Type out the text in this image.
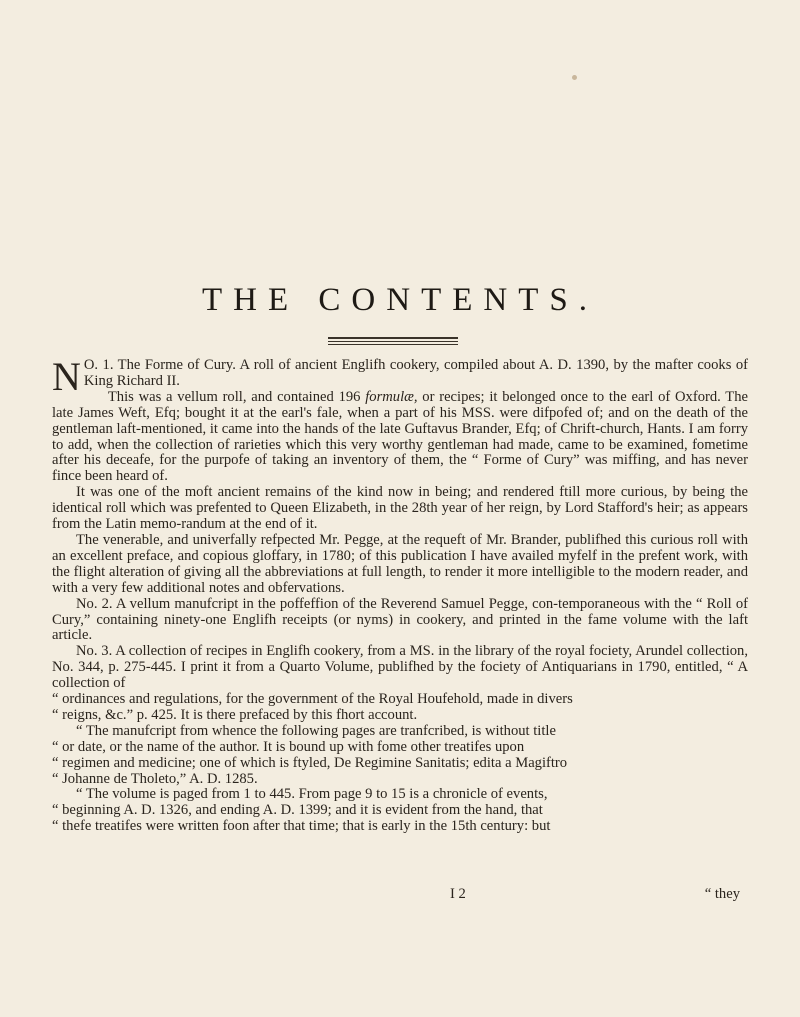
THE CONTENTS.

N O. 1. The Forme of Cury. A roll of ancient Englifh cookery, compiled about A. D. 1390, by the mafter cooks of King Richard II.

This was a vellum roll, and contained 196 formulæ, or recipes; it belonged once to the earl of Oxford. The late James Weft, Efq; bought it at the earl's fale, when a part of his MSS. were difpofed of; and on the death of the gentleman laft-mentioned, it came into the hands of the late Guftavus Brander, Efq; of Chrift-church, Hants. I am forry to add, when the collection of rarieties which this very worthy gentleman had made, came to be examined, fometime after his deceafe, for the purpofe of taking an inventory of them, the “ Forme of Cury” was miffing, and has never fince been heard of.

It was one of the moft ancient remains of the kind now in being; and rendered ftill more curious, by being the identical roll which was prefented to Queen Elizabeth, in the 28th year of her reign, by Lord Stafford's heir; as appears from the Latin memo-randum at the end of it.

The venerable, and univerfally refpected Mr. Pegge, at the requeft of Mr. Brander, publifhed this curious roll with an excellent preface, and copious gloffary, in 1780; of this publication I have availed myfelf in the prefent work, with the flight alteration of giving all the abbreviations at full length, to render it more intelligible to the modern reader, and with a very few additional notes and obfervations.

No. 2. A vellum manufcript in the poffeffion of the Reverend Samuel Pegge, con-temporaneous with the “ Roll of Cury,” containing ninety-one Englifh receipts (or nyms) in cookery, and printed in the fame volume with the laft article.

No. 3. A collection of recipes in Englifh cookery, from a MS. in the library of the royal fociety, Arundel collection, No. 344, p. 275-445. I print it from a Quarto Volume, publifhed by the fociety of Antiquarians in 1790, entitled, “ A collection of

“ ordinances and regulations, for the government of the Royal Houfehold, made in divers
“ reigns, &c.” p. 425. It is there prefaced by this fhort account.
“ The manufcript from whence the following pages are tranfcribed, is without title
“ or date, or the name of the author. It is bound up with fome other treatifes upon
“ regimen and medicine; one of which is ftyled, De Regimine Sanitatis; edita a Magiftro
“ Johanne de Tholeto,” A. D. 1285.
“ The volume is paged from 1 to 445. From page 9 to 15 is a chronicle of events,
“ beginning A. D. 1326, and ending A. D. 1399; and it is evident from the hand, that
“ thefe treatifes were written foon after that time; that is early in the 15th century: but
I 2	“ they
